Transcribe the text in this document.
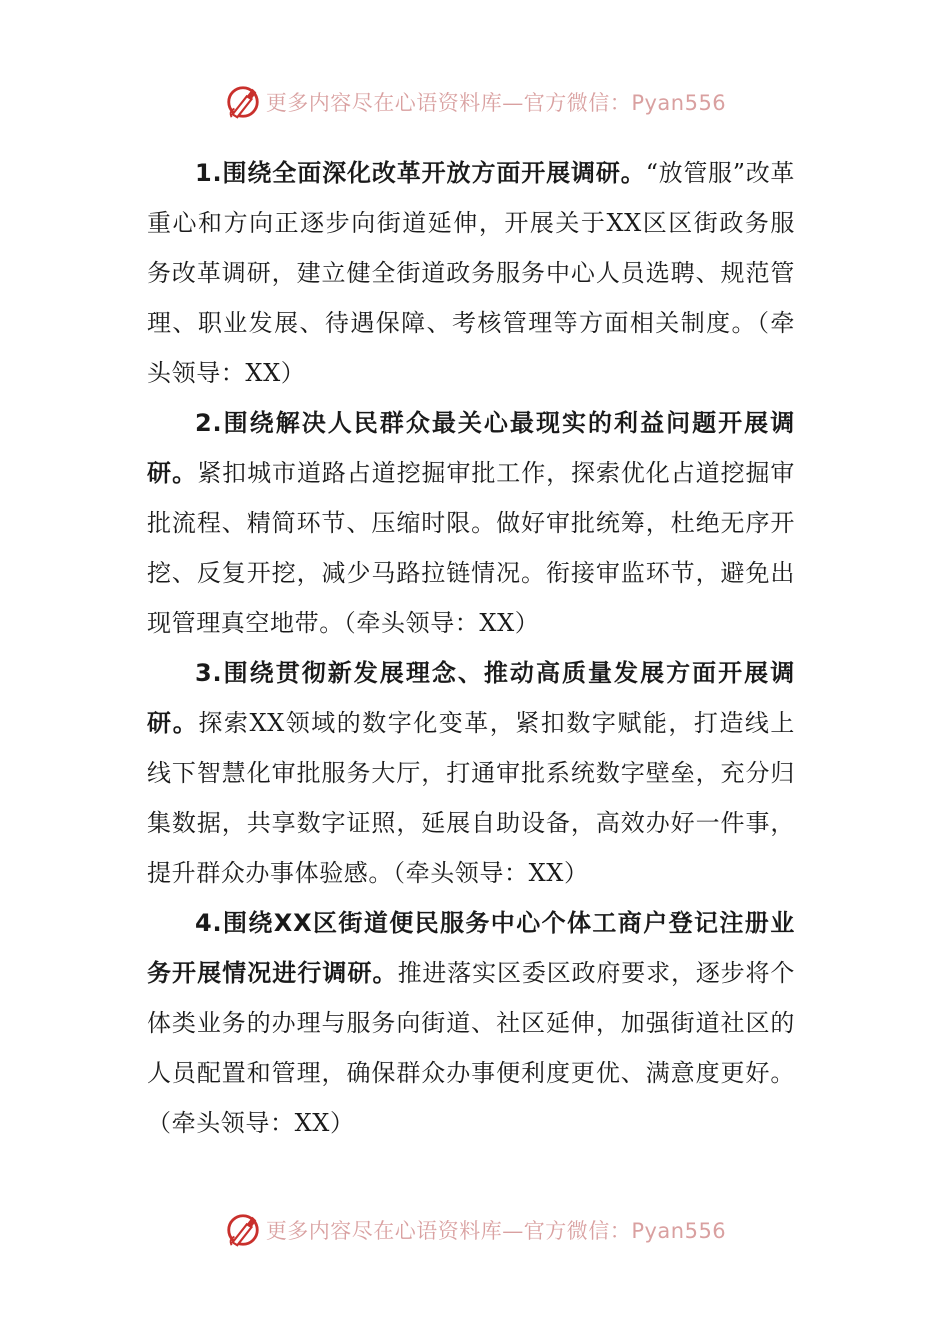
更多内容尽在心语资料库—官方微信：Pyan556

1.围绕全面深化改革开放方面开展调研。“放管服”改革重心和方向正逐步向街道延伸，开展关于XX区区街政务服务改革调研，建立健全街道政务服务中心人员选聘、规范管理、职业发展、待遇保障、考核管理等方面相关制度。（牵头领导：XX）

2.围绕解决人民群众最关心最现实的利益问题开展调研。紧扣城市道路占道挖掘审批工作，探索优化占道挖掘审批流程、精简环节、压缩时限。做好审批统筹，杜绝无序开挖、反复开挖，减少马路拉链情况。衔接审监环节，避免出现管理真空地带。（牵头领导：XX）

3.围绕贯彻新发展理念、推动高质量发展方面开展调研。探索XX领域的数字化变革，紧扣数字赋能，打造线上线下智慧化审批服务大厅，打通审批系统数字壁垒，充分归集数据，共享数字证照，延展自助设备，高效办好一件事，提升群众办事体验感。（牵头领导：XX）

4.围绕XX区街道便民服务中心个体工商户登记注册业务开展情况进行调研。推进落实区委区政府要求，逐步将个体类业务的办理与服务向街道、社区延伸，加强街道社区的人员配置和管理，确保群众办事便利度更优、满意度更好。（牵头领导：XX）

更多内容尽在心语资料库—官方微信：Pyan556
